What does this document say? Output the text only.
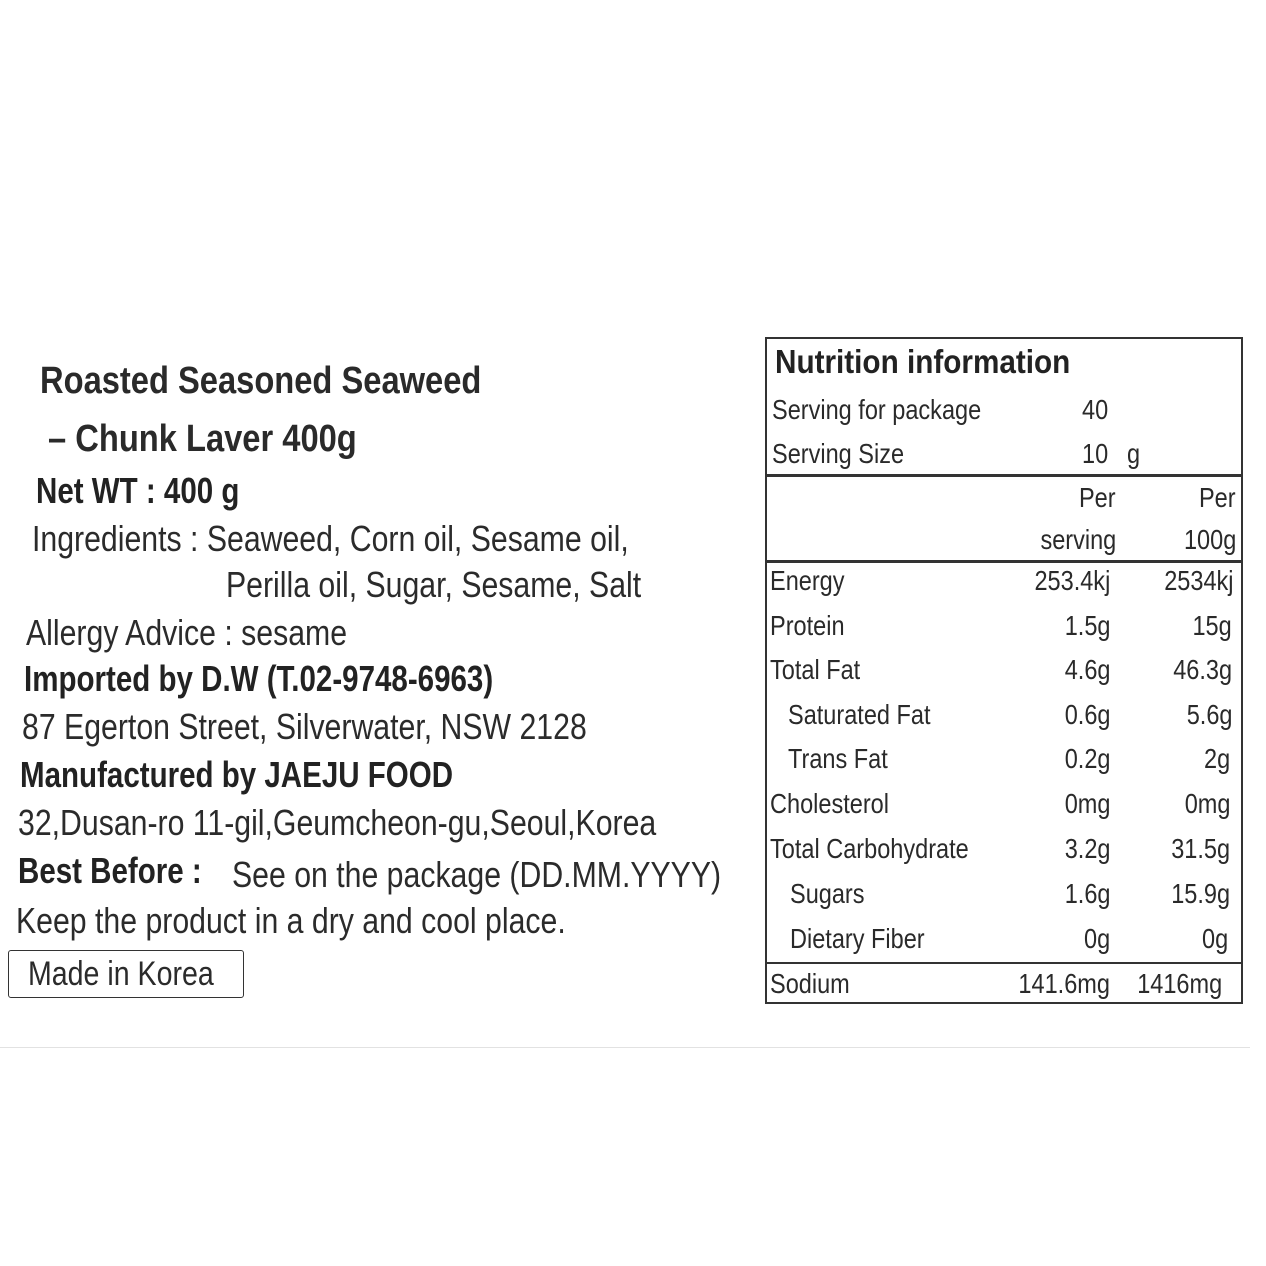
Roasted Seasoned Seaweed
– Chunk Laver 400g
Net WT : 400 g
Ingredients : Seaweed, Corn oil, Sesame oil,
Perilla oil, Sugar, Sesame, Salt
Allergy Advice : sesame
Imported by D.W (T.02-9748-6963)
87 Egerton Street, Silverwater, NSW 2128
Manufactured by JAEJU FOOD
32,Dusan-ro 11-gil,Geumcheon-gu,Seoul,Korea
Best Before : See on the package (DD.MM.YYYY)
Keep the product in a dry and cool place.
Made in Korea
Nutrition information
Serving for package	40
Serving Size	10 g
Per
serving
Per
100g
Energy	253.4kj 2534kj
Protein	1.5g	15g
Total Fat	4.6g 46.3g
Saturated Fat	0.6g	5.6g
Trans Fat	0.2g	2g
Cholesterol	0mg	0mg
Total Carbohydrate	3.2g 31.5g
Sugars	1.6g 15.9g
Dietary Fiber	0g	0g
Sodium	141.6mg 1416mg
